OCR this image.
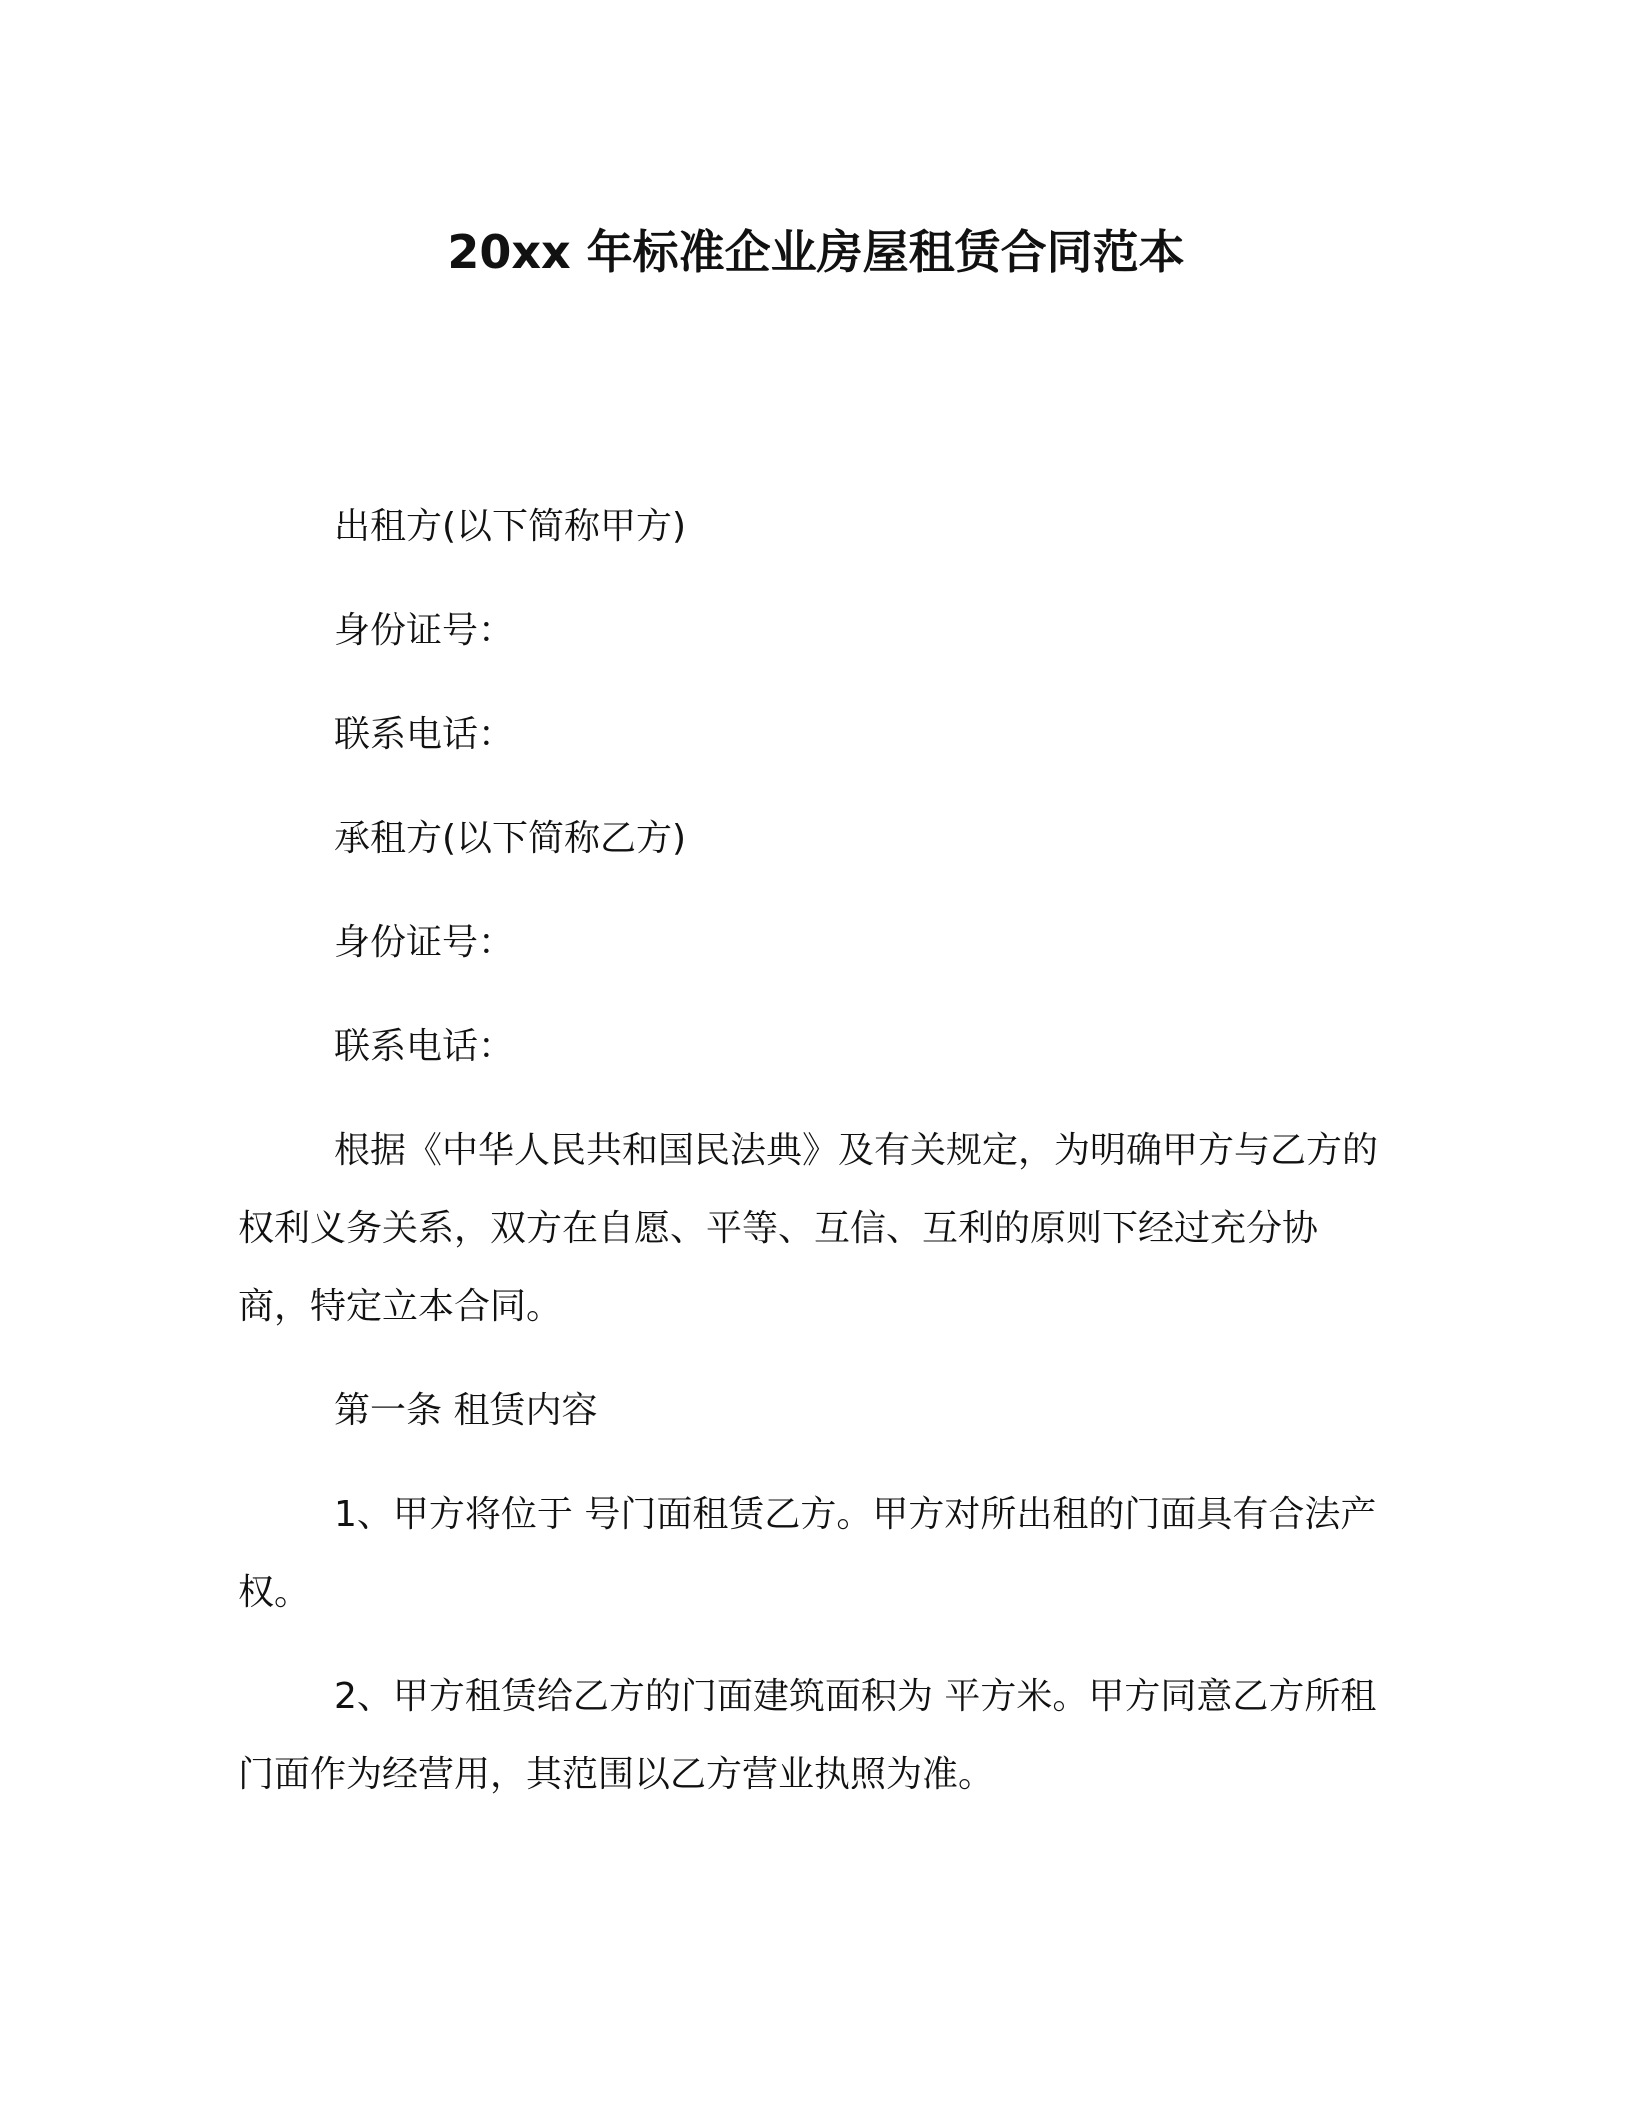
20xx 年标准企业房屋租赁合同范本

出租方(以下简称甲方)

身份证号：

联系电话：

承租方(以下简称乙方)

身份证号：

联系电话：

根据《中华人民共和国民法典》及有关规定，为明确甲方与乙方的权利义务关系，双方在自愿、平等、互信、互利的原则下经过充分协商，特定立本合同。

第一条 租赁内容

1、甲方将位于 号门面租赁乙方。甲方对所出租的门面具有合法产权。

2、甲方租赁给乙方的门面建筑面积为 平方米。甲方同意乙方所租门面作为经营用，其范围以乙方营业执照为准。
